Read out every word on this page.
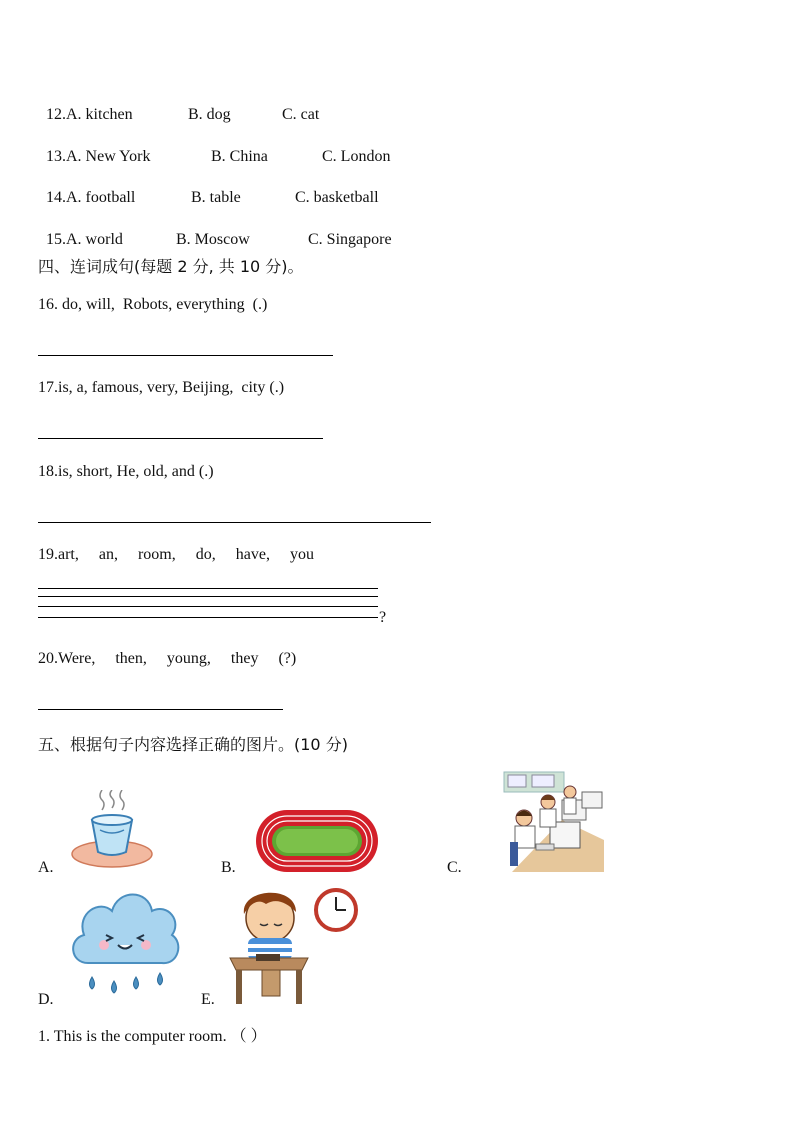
12.A. kitchen	B. dog	C. cat

13.A. New York	B. China	C. London

14.A. football	B. table	C. basketball

15.A. world	B. Moscow	C. Singapore

四、连词成句(每题 2 分, 共 10 分)。
16. do, will,  Robots, everything  (.)
17.is, a, famous, very, Beijing,  city (.)
18.is, short, He, old, and (.)
19.art,     an,     room,     do,     have,     you
?
20.Were,     then,     young,     they     (?)
五、根据句子内容选择正确的图片。(10 分)
A.	B.	C.
D.	E.
1. This is the computer room. （ ）
